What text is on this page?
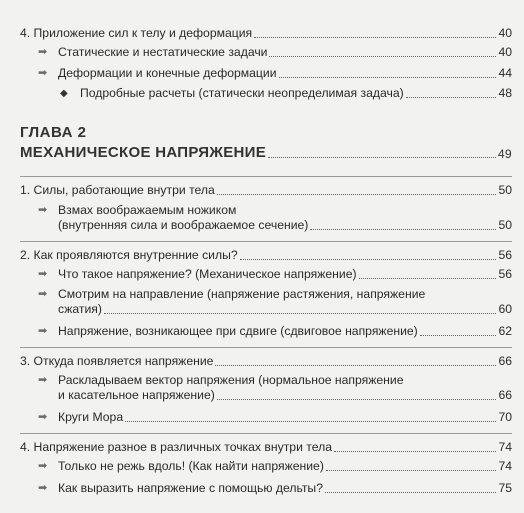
4. Приложение сил к телу и деформация	40
➡ Статические и нестатические задачи	40
➡ Деформации и конечные деформации	44
◆	Подробные расчеты (статически неопределимая задача)	48
ГЛАВА 2
МЕХАНИЧЕСКОЕ НАПРЯЖЕНИЕ	49
1. Силы, работающие внутри тела	50
➡ Взмах воображаемым ножиком
(внутренняя сила и воображаемое сечение)	50
2. Как проявляются внутренние силы?	56
➡ Что такое напряжение? (Механическое напряжение)	56
➡ Смотрим на направление (напряжение растяжения, напряжение
сжатия)	60
➡ Напряжение, возникающее при сдвиге (сдвиговое напряжение)	62
3. Откуда появляется напряжение	66
➡ Раскладываем вектор напряжения (нормальное напряжение
и касательное напряжение)	66
➡ Круги Мора	70
4. Напряжение разное в различных точках внутри тела	74
➡ Только не режь вдоль! (Как найти напряжение)	74
➡ Как выразить напряжение с помощью дельты?	75
